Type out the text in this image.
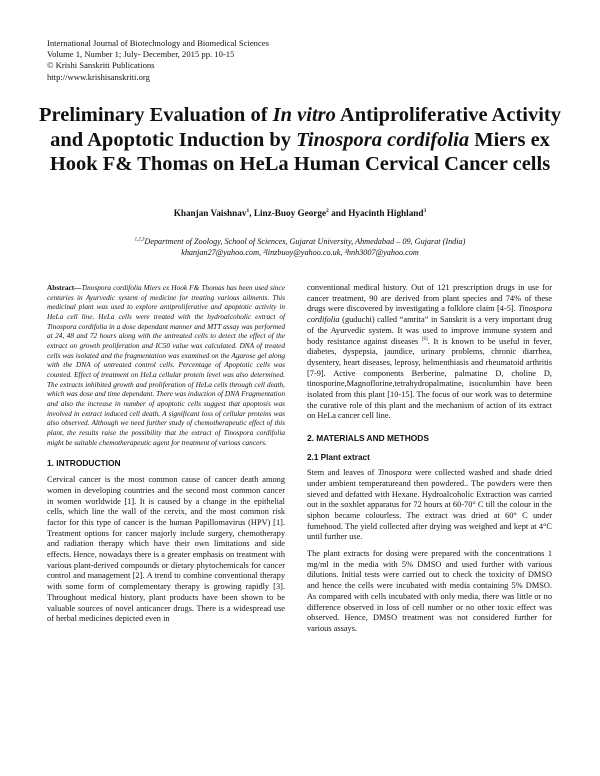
International Journal of Biotechnology and Biomedical Sciences
Volume 1, Number 1; July- December, 2015 pp. 10-15
© Krishi Sanskriti Publications
http://www.krishisanskriti.org
Preliminary Evaluation of In vitro Antiproliferative Activity and Apoptotic Induction by Tinospora cordifolia Miers ex Hook F& Thomas on HeLa Human Cervical Cancer cells
Khanjan Vaishnav$^1$, Linz-Buoy George$^2$ and Hyacinth Highland$^3$
$^{1,2,3}$Department of Zoology, School of Sciences, Gujarat University, Ahmedabad – 09, Gujarat (India)
khanjan27@yahoo.com, ²linzbuoy@yahoo.co.uk, ³hnh3007@yahoo.com

Abstract—Tinospora cordifolia Miers ex Hook F& Thomas has been used since centuries in Ayurvedic system of medicine for treating various ailments. This medicinal plant was used to explore antiproliferative and apoptotic activity in HeLa cell line. HeLa cells were treated with the hydroalcoholic extract of Tinospora cordifolia in a dose dependant manner and MTT assay was performed at 24, 48 and 72 hours along with the untreated cells to detect the effect of the extract on growth proliferation and IC50 value was calculated. DNA of treated cells was isolated and the fragmentation was examined on the Agarose gel along with the DNA of untreated control cells. Percentage of Apoptotic cells was counted. Effect of treatment on HeLa cellular protein level was also determined. The extracts inhibited growth and proliferation of HeLa cells through cell death, which was dose and time dependant. There was induction of DNA Fragmentation and also the increase in number of apoptotic cells suggest that apoptosis was involved in extract induced cell death. A significant loss of cellular proteins was also observed. Although we need further study of chemotherapeutic effect of this plant, the results raise the possibility that the extract of Tinospora cordifolia might be suitable chemotherapeutic agent for treatment of various cancers.

1. INTRODUCTION

Cervical cancer is the most common cause of cancer death among women in developing countries and the second most common cancer in women worldwide [1]. It is caused by a change in the epithelial cells, which line the wall of the cervix, and the most common risk factor for this type of cancer is the human Papillomavirus (HPV) [1]. Treatment options for cancer majorly include surgery, chemotherapy and radiation therapy which have their own limitations and side effects. Hence, nowadays there is a greater emphasis on treatment with various plant-derived compounds or dietary phytochemicals for cancer control and management [2]. A trend to combine conventional therapy with some form of complementary therapy is growing rapidly [3]. Throughout medical history, plant products have been shown to be valuable sources of novel anticancer drugs. There is a widespread use of herbal medicines depicted even in

conventional medical history. Out of 121 prescription drugs in use for cancer treatment, 90 are derived from plant species and 74% of these drugs were discovered by investigating a folklore claim [4-5]. Tinospora cordifolia (guduchi) called “amrita” in Sanskrit is a very important drug of the Ayurvedic system. It was used to improve immune system and body resistance against diseases [6]. It is known to be useful in fever, diabetes, dyspepsia, jaundice, urinary problems, chronic diarrhea, dysentery, heart diseases, leprosy, helmenthiasis and rheumatoid arthritis [7-9]. Active components Berberine, palmatine D, choline D, tinosporine,Magnoflorine,tetrahydropalmatine, isocolumbin have been isolated from this plant [10-15]. The focus of our work was to determine the curative role of this plant and the mechanism of action of its extract on HeLa cancer cell line.

2. MATERIALS AND METHODS
2.1 Plant extract

Stem and leaves of Tinospora were collected washed and shade dried under ambient temperatureand then powdered.. The powders were then sieved and defatted with Hexane. Hydroalcoholic Extraction was carried out in the soxhlet apparatus for 72 hours at 60-70° C till the colour in the siphon became colourless. The extract was dried at 60° C under fumehood. The yield collected after drying was weighed and kept at 4°C until further use.

The plant extracts for dosing were prepared with the concentrations 1 mg/ml in the media with 5% DMSO and used further with various dilutions. Initial tests were carried out to check the toxicity of DMSO and hence the cells were incubated with media containing 5% DMSO. As compared with cells incubated with only media, there was little or no difference observed in loss of cell number or no other toxic effect was observed. Hence, DMSO treatment was not considered further for various assays.
